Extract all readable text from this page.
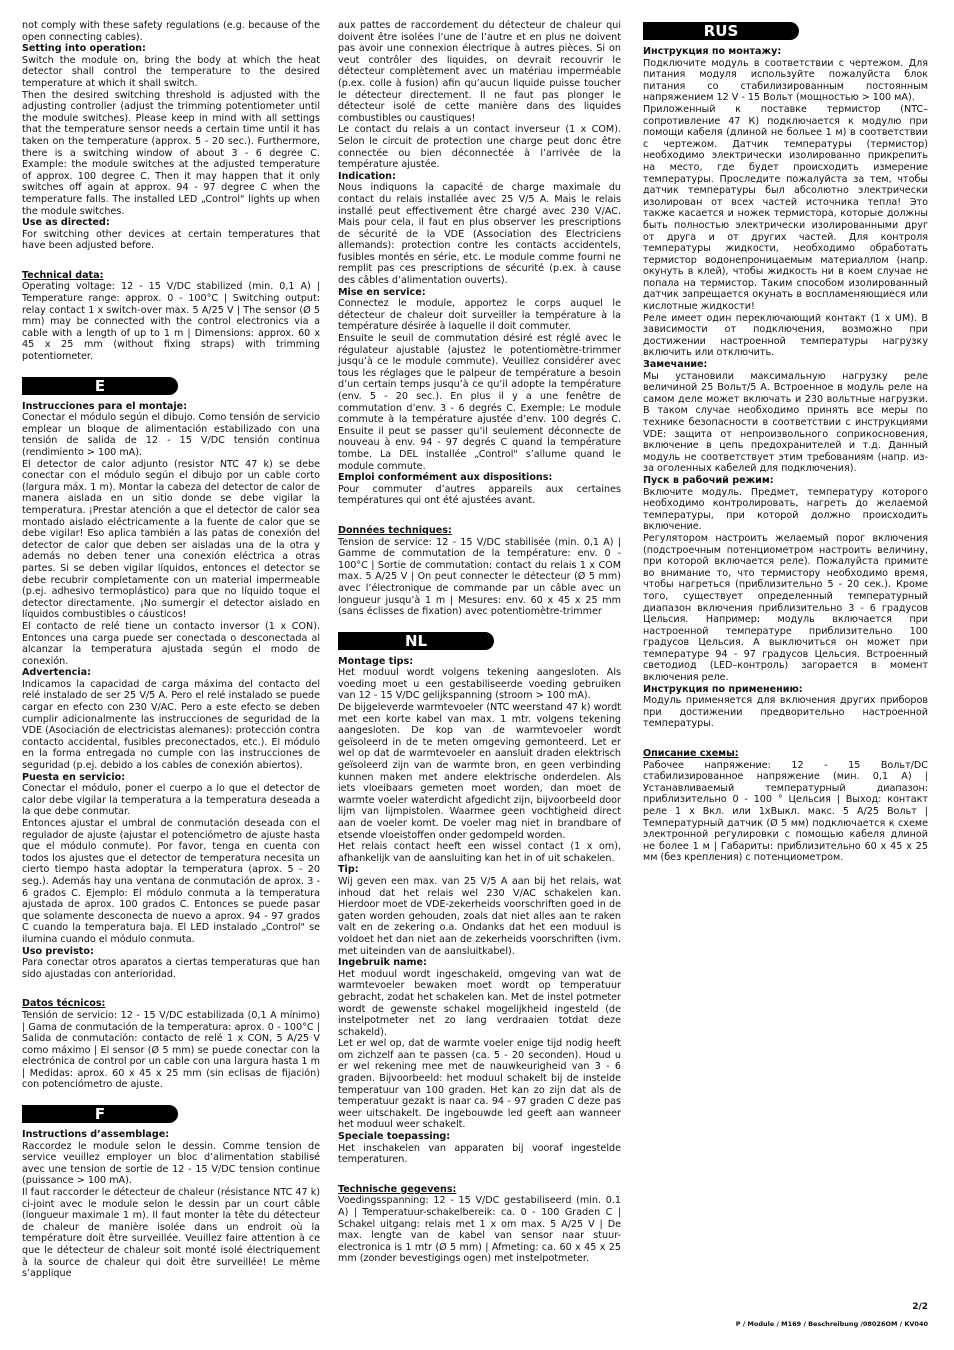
not comply with these safety regulations (e.g. because of the open connecting cables).

Setting into operation:

Switch the module on, bring the body at which the heat detector shall control the temperature to the desired temperature at which it shall switch.

Then the desired switching threshold is adjusted with the adjusting controller (adjust the trimming potentiometer until the module switches). Please keep in mind with all settings that the temperature sensor needs a certain time until it has taken on the temperature (approx. 5 - 20 sec.). Furthermore, there is a switching window of about 3 - 6 degree C. Example: the module switches at the adjusted temperature of approx. 100 degree C. Then it may happen that it only switches off again at approx. 94 - 97 degree C when the temperature falls. The installed LED „Control" lights up when the module switches.

Use as directed:

For switching other devices at certain temperatures that have been adjusted before.

Technical data:

Operating voltage: 12 - 15 V/DC stabilized (min. 0,1 A) | Temperature range: approx. 0 - 100°C | Switching output: relay contact 1 x switch-over max. 5 A/25 V | The sensor (Ø 5 mm) may be connected with the control electronics via a cable with a length of up to 1 m | Dimensions: approx. 60 x 45 x 25 mm (without fixing straps) with trimming potentiometer.

E

Instrucciones para el montaje:

Conectar el módulo según el dibujo. Como tensión de servicio emplear un bloque de alimentación estabilizado con una tensión de salida de 12 - 15 V/DC tensión continua (rendimiento > 100 mA).

El detector de calor adjunto (resistor NTC 47 k) se debe conectar con el módulo según el dibujo por un cable corto (largura máx. 1 m). Montar la cabeza del detector de calor de manera aislada en un sitio donde se debe vigilar la temperatura. ¡Prestar atención a que el detector de calor sea montado aislado eléctricamente a la fuente de calor que se debe vigilar! Eso aplica también a las patas de conexión del detector de calor que deben ser aisladas una de la otra y además no deben tener una conexión eléctrica a otras partes. Si se deben vigilar líquidos, entonces el detector se debe recubrir completamente con un material impermeable (p.ej. adhesivo termoplástico) para que no líquido toque el detector directamente. ¡No sumergir el detector aislado en líquidos combustibles o cáusticos!

El contacto de relé tiene un contacto inversor (1 x CON). Entonces una carga puede ser conectada o desconectada al alcanzar la temperatura ajustada según el modo de conexión.

Advertencia:

Indicamos la capacidad de carga máxima del contacto del relé instalado de ser 25 V/5 A. Pero el relé instalado se puede cargar en efecto con 230 V/AC. Pero a este efecto se deben cumplir adicionalmente las instrucciones de seguridad de la VDE (Asociación de electricistas alemanes): protección contra contacto accidental, fusibles preconectados, etc.). El módulo en la forma entregada no cumple con las instrucciones de seguridad (p.ej. debido a los cables de conexión abiertos).

Puesta en servicio:

Conectar el módulo, poner el cuerpo a lo que el detector de calor debe vigilar la temperatura a la temperatura deseada a la que debe conmutar.

Entonces ajustar el umbral de conmutación deseada con el regulador de ajuste (ajustar el potenciómetro de ajuste hasta que el módulo conmute). Por favor, tenga en cuenta con todos los ajustes que el detector de temperatura necesita un cierto tiempo hasta adoptar la temperatura (aprox. 5 - 20 seg.). Además hay una ventana de conmutación de aprox. 3 - 6 grados C. Ejemplo: El módulo conmuta a la temperatura ajustada de aprox. 100 grados C. Entonces se puede pasar que solamente desconecta de nuevo a aprox. 94 - 97 grados C cuando la temperatura baja. El LED instalado „Control" se ilumina cuando el módulo conmuta.

Uso previsto:

Para conectar otros aparatos a ciertas temperaturas que han sido ajustadas con anterioridad.

Datos técnicos:

Tensión de servicio: 12 - 15 V/DC estabilizada (0,1 A mínimo) | Gama de conmutación de la temperatura: aprox. 0 - 100°C | Salida de conmutación: contacto de relé 1 x CON, 5 A/25 V como máximo | El sensor (Ø 5 mm) se puede conectar con la electrónica de control por un cable con una largura hasta 1 m | Medidas: aprox. 60 x 45 x 25 mm (sin eclisas de fijación) con potenciómetro de ajuste.

F

Instructions d’assemblage:

Raccordez le module selon le dessin. Comme tension de service veuillez employer un bloc d’alimentation stabilisé avec une tension de sortie de 12 - 15 V/DC tension continue (puissance > 100 mA).

Il faut raccorder le détecteur de chaleur (résistance NTC 47 k) ci-joint avec le module selon le dessin par un court câble (longueur maximale 1 m). Il faut monter la tête du détecteur de chaleur de manière isolée dans un endroit où la température doit être surveillée. Veuillez faire attention à ce que le détecteur de chaleur soit monté isolé électriquement à la source de chaleur qui doit être surveillée! Le même s’applique

aux pattes de raccordement du détecteur de chaleur qui doivent être isolées l’une de l’autre et en plus ne doivent pas avoir une connexion électrique à autres pièces. Si on veut contrôler des liquides, on devrait recouvrir le détecteur complètement avec un matériau imperméable (p.ex. colle à fusion) afin qu’aucun liquide puisse toucher le détecteur directement. Il ne faut pas plonger le détecteur isolé de cette manière dans des liquides combustibles ou caustiques!

Le contact du relais a un contact inverseur (1 x COM). Selon le circuit de protection une charge peut donc être connectée ou bien déconnectée à l’arrivée de la température ajustée.

Indication:

Nous indiquons la capacité de charge maximale du contact du relais installée avec 25 V/5 A. Mais le relais installé peut effectivement être chargé avec 230 V/AC. Mais pour cela, il faut en plus observer les prescriptions de sécurité de la VDE (Association des Electriciens allemands): protection contre les contacts accidentels, fusibles montés en série, etc. Le module comme fourni ne remplit pas ces prescriptions de sécurité (p.ex. à cause des câbles d’alimentation ouverts).

Mise en service:

Connectez le module, apportez le corps auquel le détecteur de chaleur doit surveiller la température à la température désirée à laquelle il doit commuter.

Ensuite le seuil de commutation désiré est réglé avec le régulateur ajustable (ajustez le potentiomètre-trimmer jusqu’à ce le module commute). Veuillez considérer avec tous les réglages que le palpeur de température a besoin d’un certain temps jusqu’à ce qu’il adopte la température (env. 5 - 20 sec.). En plus il y a une fenêtre de commutation d’env. 3 - 6 degrés C. Exemple: Le module commute à la température ajustée d’env. 100 degrés C. Ensuite il peut se passer qu’il seulement déconnecte de nouveau à env. 94 - 97 degrés C quand la température tombe. La DEL installée „Control" s’allume quand le module commute.

Emploi conformément aux dispositions:

Pour commuter d’autres appareils aux certaines températures qui ont été ajustées avant.

Données techniques:

Tension de service: 12 - 15 V/DC stabilisée (min. 0,1 A) | Gamme de commutation de la température: env. 0 - 100°C | Sortie de commutation: contact du relais 1 x COM max. 5 A/25 V | On peut connecter le détecteur (Ø 5 mm) avec l’électronique de commande par un câble avec un longueur jusqu’à 1 m | Mesures: env. 60 x 45 x 25 mm (sans éclisses de fixation) avec potentiomètre-trimmer

NL

Montage tips:

Het moduul wordt volgens tekening aangesloten. Als voeding moet u een gestabiliseerde voeding gebruiken van 12 - 15 V/DC gelijkspanning (stroom > 100 mA).

De bijgeleverde warmtevoeler (NTC weerstand 47 k) wordt met een korte kabel van max. 1 mtr. volgens tekening aangesloten. De kop van de warmtevoeler wordt geïsoleerd in de te meten omgeving gemonteerd. Let er wel op dat de warmtevoeler en aansluit draden elektrisch geïsoleerd zijn van de warmte bron, en geen verbinding kunnen maken met andere elektrische onderdelen. Als iets vloeibaars gemeten moet worden, dan moet de warmte voeler waterdicht afgedicht zijn, bijvoorbeeld door lijm van lijmpistolen. Waarmee geen vochtigheid direct aan de voeler komt. De voeler mag niet in brandbare of etsende vloeistoffen onder gedompeld worden.

Het relais contact heeft een wissel contact (1 x om), afhankelijk van de aansluiting kan het in of uit schakelen.

Tip:

Wij geven een max. van 25 V/5 A aan bij het relais, wat inhoud dat het relais wel 230 V/AC schakelen kan. Hierdoor moet de VDE-zekerheids voorschriften goed in de gaten worden gehouden, zoals dat niet alles aan te raken valt en de zekering o.a. Ondanks dat het een moduul is voldoet het dan niet aan de zekerheids voorschriften (ivm. met uiteinden van de aansluitkabel).

Ingebruik name:

Het moduul wordt ingeschakeld, omgeving van wat de warmtevoeler bewaken moet wordt op temperatuur gebracht, zodat het schakelen kan. Met de instel potmeter wordt de gewenste schakel mogelijkheid ingesteld (de instelpotmeter net zo lang verdraaien totdat deze schakeld).

Let er wel op, dat de warmte voeler enige tijd nodig heeft om zichzelf aan te passen (ca. 5 - 20 seconden). Houd u er wel rekening mee met de nauwkeurigheid van 3 - 6 graden. Bijvoorbeeld: het moduul schakelt bij de instelde temperatuur van 100 graden. Het kan zo zijn dat als de temperatuur gezakt is naar ca. 94 - 97 graden C deze pas weer uitschakelt. De ingebouwde led geeft aan wanneer het moduul weer schakelt.

Speciale toepassing:

Het inschakelen van apparaten bij vooraf ingestelde temperaturen.

Technische gegevens:

Voedingsspanning: 12 - 15 V/DC gestabiliseerd (min. 0.1 A) | Temperatuur-schakelbereik: ca. 0 - 100 Graden C | Schakel uitgang: relais met 1 x om max. 5 A/25 V | De max. lengte van de kabel van sensor naar stuur-electronica is 1 mtr (Ø 5 mm) | Afmeting: ca. 60 x 45 x 25 mm (zonder bevestigings ogen) met instelpotmeter.

RUS

Инструкция по монтажу:

Подключите модуль в соответствии с чертежом. Для питания модуля используйте пожалуйста блок питания со стабилизированным постоянным напряжением 12 V - 15 Вольт (мощностью > 100 мА).

Приложенный к поставке термистор (NTC–сопротивление 47 К) подключается к модулю при помощи кабеля (длиной не больее 1 м) в соответствии с чертежом. Датчик температуры (термистор) необходимо электрически изолированно прикрепить на место, где будет происходить измерение температуры. Проследите пожалуйста за тем, чтобы датчик температуры был абсолютно электрически изолирован от всех частей источника тепла! Это также касается и ножек термистора, которые должны быть полностью электрически изолированными друг от друга и от других частей. Для контроля температуры жидкости, необходимо обработать термистор водонепроницаемым материаллом (напр. окунуть в клей), чтобы жидкость ни в коем случае не попала на термистор. Таким способом изолированный датчик запрещается окунать в воспламеняющиеся или кислотные жидкости!

Реле имеет один переключающий контакт (1 х UM). В зависимости от подключения, возможно при достижении настроенной температуры нагрузку включить или отключить.

Замечание:

Мы установили максимальную нагрузку реле величиной 25 Вольт/5 А. Встроенное в модуль реле на самом деле может включать и 230 вольтные нагрузки. В таком случае необходимо принять все меры по технике безопасности в соответствии с инструкциями VDE: защита от непроизвольного соприкосновения, включение в цепь предохранителей и т.д. Данный модуль не соответствует этим требованиям (напр. из-за оголенных кабелей для подключения).

Пуск в рабочий режим:

Включите модуль. Предмет, температуру которого необходимо контролировать, нагреть до желаемой температуры, при которой должно происходить включение.

Регулятором настроить желаемый порог включения (подстроечным потенциометром настроить величину, при которой включается реле). Пожалуйста примите во внимание то, что термистору необходимо время, чтобы нагреться (приблизительно 5 - 20 сек.). Кроме того, существует определенный температурный диапазон включения приблизительно 3 - 6 градусов Цельсия. Например: модуль включается при настроенной температуре приблизительно 100 градусов Цельсия. А выключиться он может при температуре 94 - 97 градусов Цельсия. Встроенный светодиод (LED–контроль) загорается в момент включения реле.

Инструкция по применению:

Модуль применяется для включения других приборов при достижении предворительно настроенной температуры.

Описание схемы:

Рабочее напряжение: 12 - 15 Вольт/DC стабилизированное напряжение (мин. 0,1 А) | Устанавливаемый температурный диапазон: приблизительно 0 - 100 ° Цельсия | Выход: контакт реле 1 х Вкл. или 1хВыкл. макс. 5 А/25 Вольт | Температурный датчик (Ø 5 мм) подключается к схеме электронной регулировки с помощью кабеля длиной не более 1 м | Габариты: приблизительно 60 х 45 х 25 мм (без крепления) с потенциометром.

2/2
P / Module / M169 / Beschreibung /08026OM / KV040
